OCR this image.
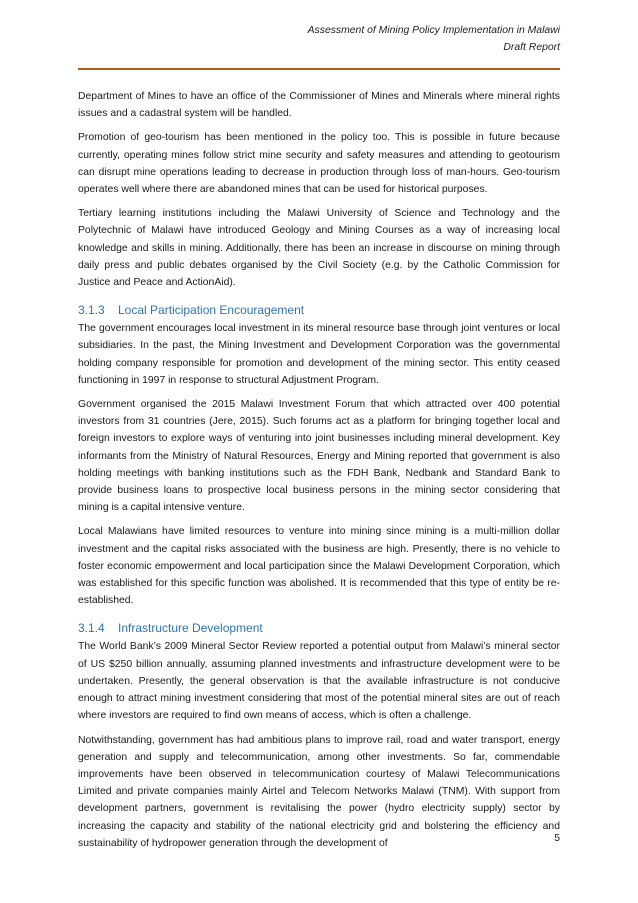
Assessment of Mining Policy Implementation in Malawi
Draft Report

Department of Mines to have an office of the Commissioner of Mines and Minerals where mineral rights issues and a cadastral system will be handled.

Promotion of geo-tourism has been mentioned in the policy too. This is possible in future because currently, operating mines follow strict mine security and safety measures and attending to geotourism can disrupt mine operations leading to decrease in production through loss of man-hours. Geo-tourism operates well where there are abandoned mines that can be used for historical purposes.

Tertiary learning institutions including the Malawi University of Science and Technology and the Polytechnic of Malawi have introduced Geology and Mining Courses as a way of increasing local knowledge and skills in mining. Additionally, there has been an increase in discourse on mining through daily press and public debates organised by the Civil Society (e.g. by the Catholic Commission for Justice and Peace and ActionAid).

3.1.3 Local Participation Encouragement

The government encourages local investment in its mineral resource base through joint ventures or local subsidiaries. In the past, the Mining Investment and Development Corporation was the governmental holding company responsible for promotion and development of the mining sector. This entity ceased functioning in 1997 in response to structural Adjustment Program.

Government organised the 2015 Malawi Investment Forum that which attracted over 400 potential investors from 31 countries (Jere, 2015). Such forums act as a platform for bringing together local and foreign investors to explore ways of venturing into joint businesses including mineral development. Key informants from the Ministry of Natural Resources, Energy and Mining reported that government is also holding meetings with banking institutions such as the FDH Bank, Nedbank and Standard Bank to provide business loans to prospective local business persons in the mining sector considering that mining is a capital intensive venture.

Local Malawians have limited resources to venture into mining since mining is a multi-million dollar investment and the capital risks associated with the business are high. Presently, there is no vehicle to foster economic empowerment and local participation since the Malawi Development Corporation, which was established for this specific function was abolished. It is recommended that this type of entity be re-established.

3.1.4 Infrastructure Development

The World Bank’s 2009 Mineral Sector Review reported a potential output from Malawi’s mineral sector of US $250 billion annually, assuming planned investments and infrastructure development were to be undertaken. Presently, the general observation is that the available infrastructure is not conducive enough to attract mining investment considering that most of the potential mineral sites are out of reach where investors are required to find own means of access, which is often a challenge.

Notwithstanding, government has had ambitious plans to improve rail, road and water transport, energy generation and supply and telecommunication, among other investments. So far, commendable improvements have been observed in telecommunication courtesy of Malawi Telecommunications Limited and private companies mainly Airtel and Telecom Networks Malawi (TNM). With support from development partners, government is revitalising the power (hydro electricity supply) sector by increasing the capacity and stability of the national electricity grid and bolstering the efficiency and sustainability of hydropower generation through the development of	5
